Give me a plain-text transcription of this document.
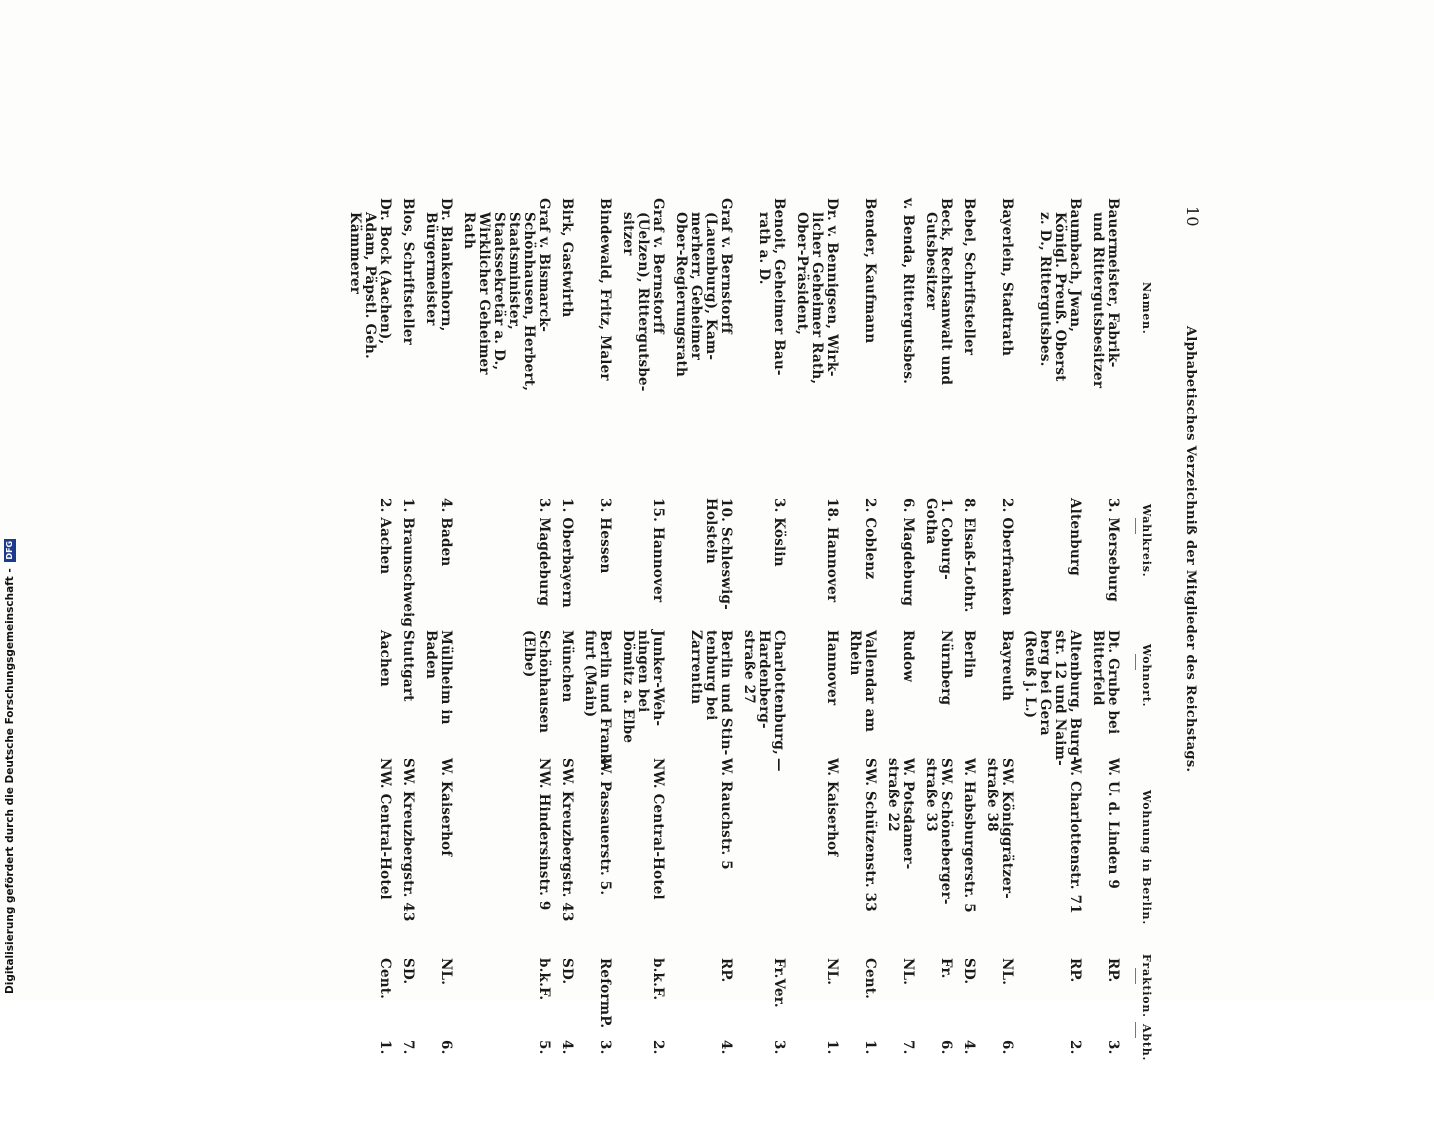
10
Alphabetisches Verzeichniß der Mitglieder des Reichstags.
Namen.
Wahlkreis.
Wohnort.
Wohnung in Berlin.
Fraktion.
Abth.
Bauermeister, Fabrik-
und Rittergutsbesitzer
3. Merseburg
Dt. Grube bei
Bitterfeld
W. U. d. Linden 9
RP.
3.
Baumbach, Jwan,
Königl. Preuß. Oberst
z. D., Rittergutsbes.
Altenburg
Altenburg, Burg-
str. 12 und Naim-
berg bei Gera
(Reuß j. L.)
W. Charlottenstr. 71
RP.
2.
Bayerlein, Stadtrath
2. Oberfranken
Bayreuth
SW. Königgrätzer-
straße 38
NL.
6.
Bebel, Schriftsteller
8. Elsaß-Lothr.
Berlin
W. Habsburgerstr. 5
SD.
4.
Beck, Rechtsanwalt und
Gutsbesitzer
1. Coburg-
Gotha
Nürnberg
SW. Schöneberger-
straße 33
Fr.
6.
v. Benda, Rittergutsbes.
6. Magdeburg
Rudow
W. Potsdamer-
straße 22
NL.
7.
Bender, Kaufmann
2. Coblenz
Vallendar am
Rhein
SW. Schützenstr. 33
Cent.
1.
Dr. v. Bennigsen, Wirk-
licher Geheimer Rath,
Ober-Präsident,
18. Hannover
Hannover
W. Kaiserhof
NL.
1.
Benoit, Geheimer Bau-
rath a. D.
3. Köslin
Charlottenburg,
Hardenberg-
straße 27
—
Fr.Ver.
3.
Graf v. Bernstorff
(Lauenburg), Kam-
merherr, Geheimer
Ober-Regierungsrath
10. Schleswig-
Holstein
Berlin und Stin-
tenburg bei
Zarrentin
W. Rauchstr. 5
RP.
4.
Graf v. Bernstorff
(Uelzen), Rittergutsbe-
sitzer
15. Hannover
Junker-Weh-
ningen bei
Dömitz a. Elbe
NW. Central-Hotel
b.k.F.
2.
Bindewald, Fritz, Maler
3. Hessen
Berlin und Frank-
furt (Main)
W. Passauerstr. 5.
ReformP.
3.
Birk, Gastwirth
1. Oberbayern
München
SW. Kreuzbergstr. 43
SD.
4.
Graf v. Bismarck-
Schönhausen, Herbert,
Staatsminister,
Staatssekretär a. D.,
Wirklicher Geheimer
Rath
3. Magdeburg
Schönhausen
(Elbe)
NW. Hindersinstr. 9
b.k.F.
5.
Dr. Blankenhorn,
Bürgermeister
4. Baden
Müllheim in
Baden
W. Kaiserhof
NL.
6.
Blos, Schriftsteller
1. Braunschweig
Stuttgart
SW. Kreuzbergstr. 43
SD.
7.
Dr. Bock (Aachen),
Adam, Päpstl. Geh.
Kämmerer
2. Aachen
Aachen
NW. Central-Hotel
Cent.
1.
Digitalisierung gefördert durch die Deutsche Forschungsgemeinschaft - DFG
